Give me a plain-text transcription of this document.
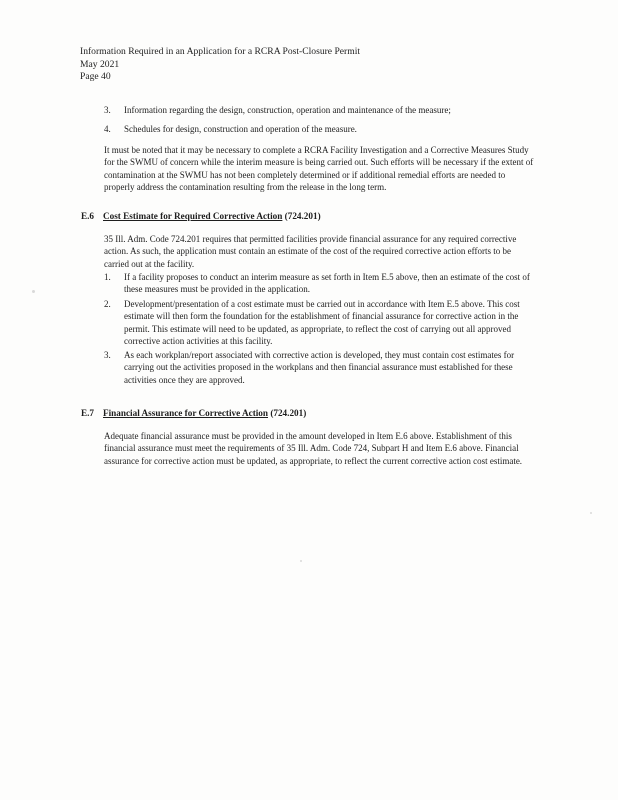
Information Required in an Application for a RCRA Post-Closure Permit
May 2021
Page 40
3. Information regarding the design, construction, operation and maintenance of the measure;
4. Schedules for design, construction and operation of the measure.
It must be noted that it may be necessary to complete a RCRA Facility Investigation and a Corrective Measures Study for the SWMU of concern while the interim measure is being carried out. Such efforts will be necessary if the extent of contamination at the SWMU has not been completely determined or if additional remedial efforts are needed to properly address the contamination resulting from the release in the long term.
E.6 Cost Estimate for Required Corrective Action (724.201)
35 Ill. Adm. Code 724.201 requires that permitted facilities provide financial assurance for any required corrective action. As such, the application must contain an estimate of the cost of the required corrective action efforts to be carried out at the facility.
1. If a facility proposes to conduct an interim measure as set forth in Item E.5 above, then an estimate of the cost of these measures must be provided in the application.
2. Development/presentation of a cost estimate must be carried out in accordance with Item E.5 above. This cost estimate will then form the foundation for the establishment of financial assurance for corrective action in the permit. This estimate will need to be updated, as appropriate, to reflect the cost of carrying out all approved corrective action activities at this facility.
3. As each workplan/report associated with corrective action is developed, they must contain cost estimates for carrying out the activities proposed in the workplans and then financial assurance must established for these activities once they are approved.
E.7 Financial Assurance for Corrective Action (724.201)
Adequate financial assurance must be provided in the amount developed in Item E.6 above. Establishment of this financial assurance must meet the requirements of 35 Ill. Adm. Code 724, Subpart H and Item E.6 above. Financial assurance for corrective action must be updated, as appropriate, to reflect the current corrective action cost estimate.
